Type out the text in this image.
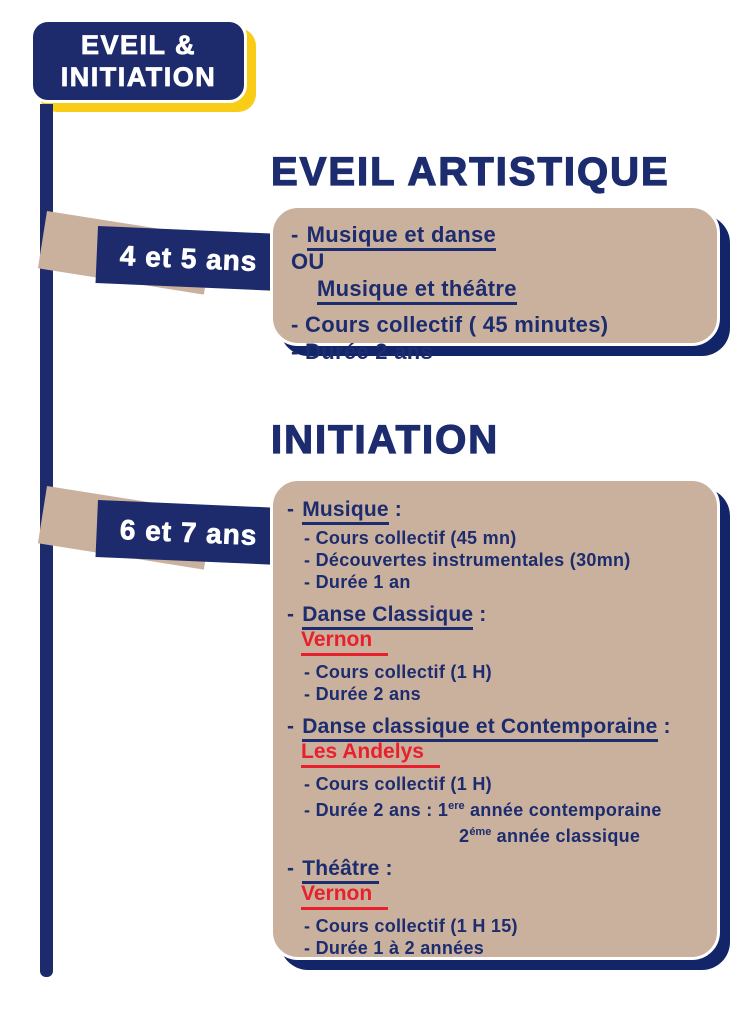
EVEIL &
INITIATION
EVEIL ARTISTIQUE
4 et 5 ans
- Musique et danse
OU
Musique et théâtre
- Cours collectif ( 45 minutes)
- Durée 2 ans
INITIATION
6 et 7 ans
- Musique :
- Cours collectif (45 mn)
- Découvertes instrumentales (30mn)
- Durée 1 an
- Danse Classique :
Vernon
- Cours collectif (1 H)
- Durée 2 ans
- Danse classique et Contemporaine :
Les Andelys
- Cours collectif (1 H)
- Durée 2 ans : 1ere année contemporaine
$2^{éme}$ année classique
- Théâtre :
Vernon
- Cours collectif (1 H 15)
- Durée 1 à 2 années
